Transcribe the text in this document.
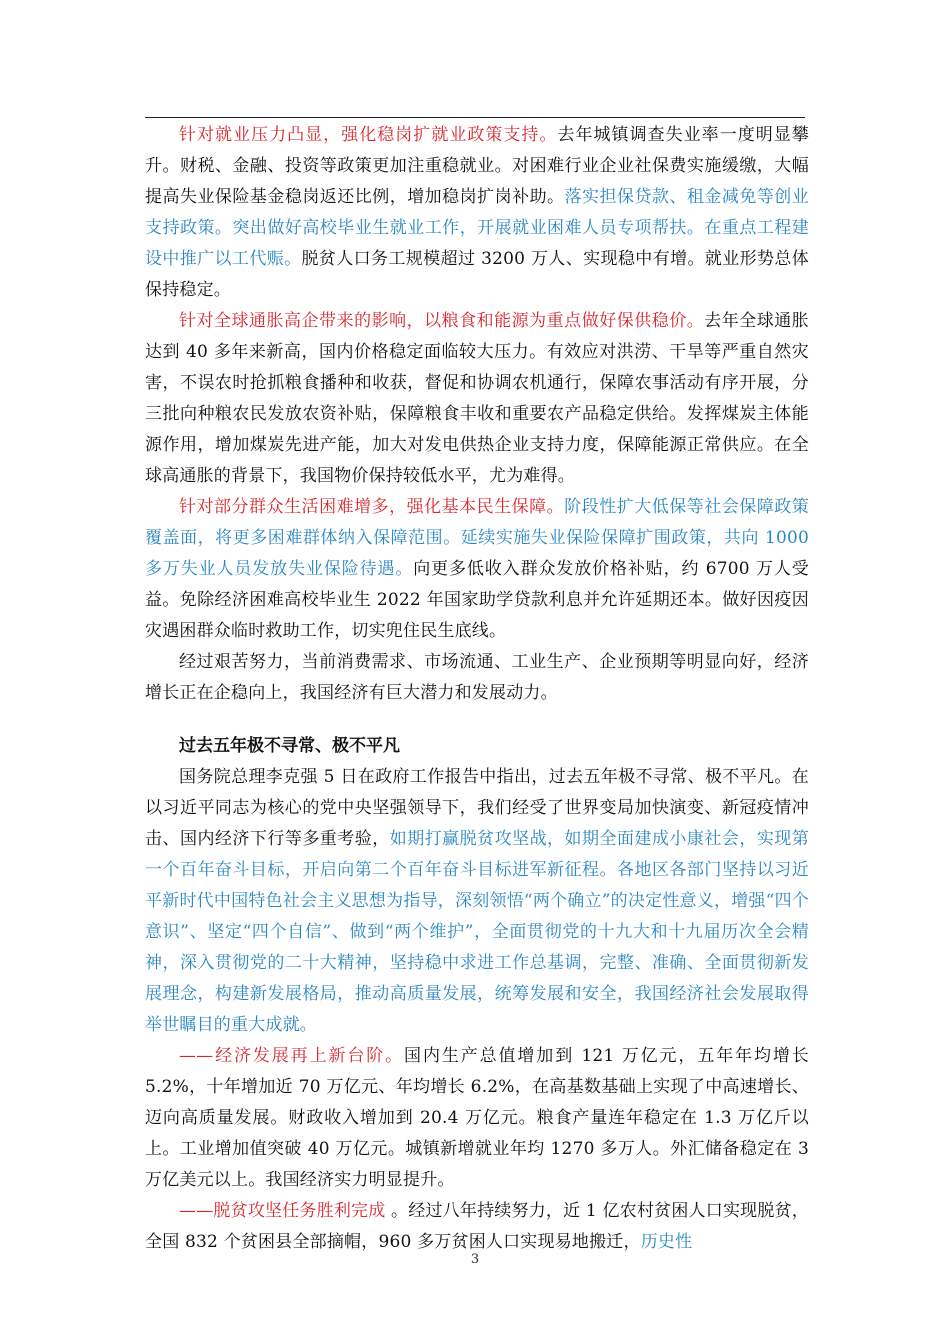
针对就业压力凸显，强化稳岗扩就业政策支持。去年城镇调查失业率一度明显攀升。财税、金融、投资等政策更加注重稳就业。对困难行业企业社保费实施缓缴，大幅提高失业保险基金稳岗返还比例，增加稳岗扩岗补助。落实担保贷款、租金减免等创业支持政策。突出做好高校毕业生就业工作，开展就业困难人员专项帮扶。在重点工程建设中推广以工代赈。脱贫人口务工规模超过 3200 万人、实现稳中有增。就业形势总体保持稳定。

针对全球通胀高企带来的影响，以粮食和能源为重点做好保供稳价。去年全球通胀达到 40 多年来新高，国内价格稳定面临较大压力。有效应对洪涝、干旱等严重自然灾害，不误农时抢抓粮食播种和收获，督促和协调农机通行，保障农事活动有序开展，分三批向种粮农民发放农资补贴，保障粮食丰收和重要农产品稳定供给。发挥煤炭主体能源作用，增加煤炭先进产能，加大对发电供热企业支持力度，保障能源正常供应。在全球高通胀的背景下，我国物价保持较低水平，尤为难得。

针对部分群众生活困难增多，强化基本民生保障。阶段性扩大低保等社会保障政策覆盖面，将更多困难群体纳入保障范围。延续实施失业保险保障扩围政策，共向 1000 多万失业人员发放失业保险待遇。向更多低收入群众发放价格补贴，约 6700 万人受益。免除经济困难高校毕业生 2022 年国家助学贷款利息并允许延期还本。做好因疫因灾遇困群众临时救助工作，切实兜住民生底线。

经过艰苦努力，当前消费需求、市场流通、工业生产、企业预期等明显向好，经济增长正在企稳向上，我国经济有巨大潜力和发展动力。

过去五年极不寻常、极不平凡

国务院总理李克强 5 日在政府工作报告中指出，过去五年极不寻常、极不平凡。在以习近平同志为核心的党中央坚强领导下，我们经受了世界变局加快演变、新冠疫情冲击、国内经济下行等多重考验，如期打赢脱贫攻坚战，如期全面建成小康社会，实现第一个百年奋斗目标，开启向第二个百年奋斗目标进军新征程。各地区各部门坚持以习近平新时代中国特色社会主义思想为指导，深刻领悟“两个确立”的决定性意义，增强“四个意识”、坚定“四个自信”、做到“两个维护”，全面贯彻党的十九大和十九届历次全会精神，深入贯彻党的二十大精神，坚持稳中求进工作总基调，完整、准确、全面贯彻新发展理念，构建新发展格局，推动高质量发展，统筹发展和安全，我国经济社会发展取得举世瞩目的重大成就。

——经济发展再上新台阶。国内生产总值增加到 121 万亿元，五年年均增长 5.2%，十年增加近 70 万亿元、年均增长 6.2%，在高基数基础上实现了中高速增长、迈向高质量发展。财政收入增加到 20.4 万亿元。粮食产量连年稳定在 1.3 万亿斤以上。工业增加值突破 40 万亿元。城镇新增就业年均 1270 多万人。外汇储备稳定在 3 万亿美元以上。我国经济实力明显提升。

——脱贫攻坚任务胜利完成 。经过八年持续努力，近 1 亿农村贫困人口实现脱贫，全国 832 个贫困县全部摘帽，960 多万贫困人口实现易地搬迁，历史性

3
